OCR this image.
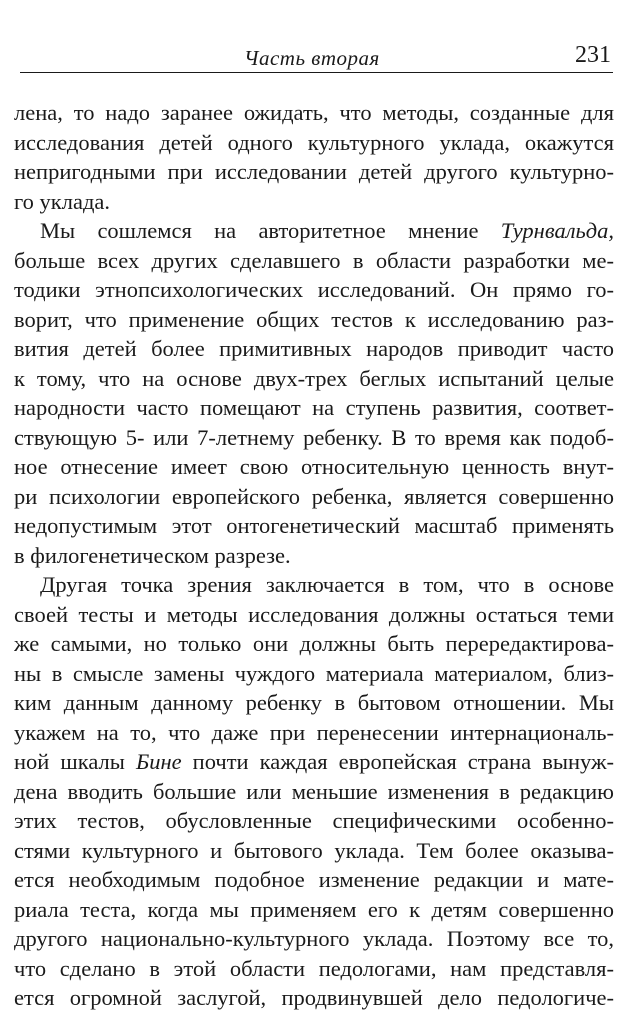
Часть вторая	231
лена, то надо заранее ожидать, что методы, созданные для
исследования детей одного культурного уклада, окажутся
непригодными при исследовании детей другого культурно-
го уклада.
Мы сошлемся на авторитетное мнение Турнвальда,
больше всех других сделавшего в области разработки ме-
тодики этнопсихологических исследований. Он прямо го-
ворит, что применение общих тестов к исследованию раз-
вития детей более примитивных народов приводит часто
к тому, что на основе двух-трех беглых испытаний целые
народности часто помещают на ступень развития, соответ-
ствующую 5- или 7-летнему ребенку. В то время как подоб-
ное отнесение имеет свою относительную ценность внут-
ри психологии европейского ребенка, является совершенно
недопустимым этот онтогенетический масштаб применять
в филогенетическом разрезе.
Другая точка зрения заключается в том, что в основе
своей тесты и методы исследования должны остаться теми
же самыми, но только они должны быть перередактирова-
ны в смысле замены чуждого материала материалом, близ-
ким данным данному ребенку в бытовом отношении. Мы
укажем на то, что даже при перенесении интернациональ-
ной шкалы Бине почти каждая европейская страна вынуж-
дена вводить большие или меньшие изменения в редакцию
этих тестов, обусловленные специфическими особенно-
стями культурного и бытового уклада. Тем более оказыва-
ется необходимым подобное изменение редакции и мате-
риала теста, когда мы применяем его к детям совершенно
другого национально-культурного уклада. Поэтому все то,
что сделано в этой области педологами, нам представля-
ется огромной заслугой, продвинувшей дело педологиче-
